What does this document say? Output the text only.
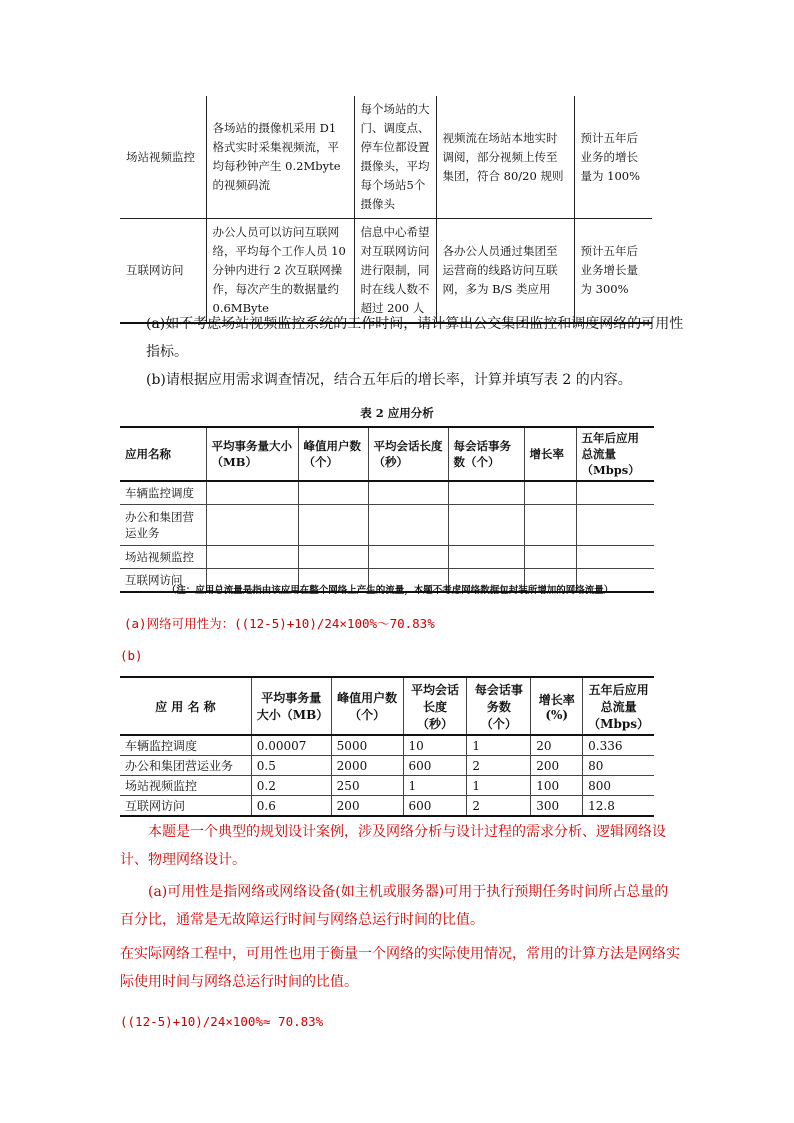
场站视频监控	各场站的摄像机采用 D1 格式实时采集视频流，平均每秒钟产生 0.2Mbyte 的视频码流	每个场站的大门、调度点、停车位都设置摄像头，平均每个场站5个摄像头	视频流在场站本地实时调阅，部分视频上传至集团，符合 80/20 规则	预计五年后业务的增长量为 100%
互联网访问	办公人员可以访问互联网络，平均每个工作人员 10 分钟内进行 2 次互联网操作，每次产生的数据量约 0.6MByte	信息中心希望对互联网访问进行限制，同时在线人数不超过 200 人	各办公人员通过集团至运营商的线路访问互联网，多为 B/S 类应用	预计五年后业务增长量为 300%
(a)如不考虑场站视频监控系统的工作时间，请计算出公交集团监控和调度网络的可用性指标。
(b)请根据应用需求调查情况，结合五年后的增长率，计算并填写表 2 的内容。
表 2 应用分析
应用名称	平均事务量大小（MB）	峰值用户数（个）	平均会话长度（秒）	每会话事务数（个）	增长率	五年后应用总流量（Mbps）
车辆监控调度						
办公和集团营运业务						
场站视频监控						
互联网访问						
（注：应用总流量是指由该应用在整个网络上产生的流量，本题不考虑网络数据包封装所增加的网络流量）
(a)网络可用性为：((12-5)+10)/24×100%～70.83%
(b)
应 用 名 称	平均事务量大小（MB）	峰值用户数（个）	平均会话长度（秒）	每会话事务数（个）	增长率(%)	五年后应用总流量（Mbps）
车辆监控调度	0.00007	5000	10	1	20	0.336
办公和集团营运业务	0.5	2000	600	2	200	80
场站视频监控	0.2	250	1	1	100	800
互联网访问	0.6	200	600	2	300	12.8
本题是一个典型的规划设计案例，涉及网络分析与设计过程的需求分析、逻辑网络设计、物理网络设计。
(a)可用性是指网络或网络设备(如主机或服务器)可用于执行预期任务时间所占总量的百分比，通常是无故障运行时间与网络总运行时间的比值。
在实际网络工程中，可用性也用于衡量一个网络的实际使用情况，常用的计算方法是网络实际使用时间与网络总运行时间的比值。
((12-5)+10)/24×100%≈ 70.83%
